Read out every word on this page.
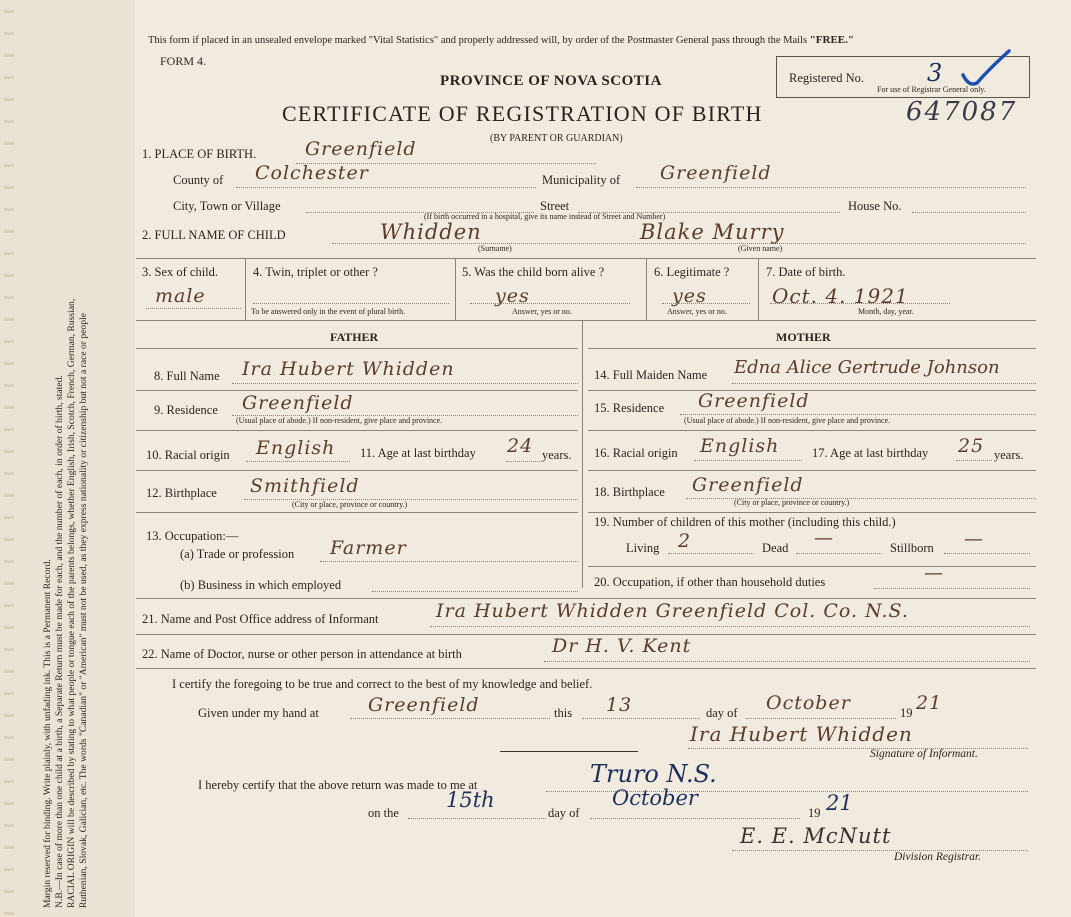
Margin reserved for binding. Write plainly, with unfading ink. This is a Permanent Record. N.B.—In case of more than one child at a birth, a Separate Return must be made for each, and the number of each, in order of birth, stated. RACIAL ORIGIN will be described by stating to what people or tongue each of the parents belongs, whether English, Irish, Scotch, French, German, Russian, Ruthenian, Slovak, Galician, etc. The words "Canadian" or "American" must not be used, as they express nationality or citizenship but not a race or people
This form if placed in an unsealed envelope marked "Vital Statistics" and properly addressed will, by order of the Postmaster General pass through the Mails "FREE."
FORM 4.
PROVINCE OF NOVA SCOTIA
CERTIFICATE OF REGISTRATION OF BIRTH
(BY PARENT OR GUARDIAN)
Registered No.	3
For use of Registrar General only.
647087
1. PLACE OF BIRTH.	Greenfield
County of Colchester	Municipality of Greenfield
City, Town or Village	Street	House No.
(If birth occurred in a hospital, give its name instead of Street and Number)
2. FULL NAME OF CHILD	Whidden	Blake Murry
(Surname)	(Given name)
3. Sex of child.
male
4. Twin, triplet or other ?
To be answered only in the event of plural birth.
5. Was the child born alive ?
yes
Answer, yes or no.
6. Legitimate ?
yes
Answer, yes or no.
7. Date of birth.
Oct. 4. 1921
Month, day, year.
FATHER	MOTHER
8. Full Name Ira Hubert Whidden
9. Residence Greenfield
(Usual place of abode.) If non-resident, give place and province.
10. Racial origin English 11. Age at last birthday 24 years.
12. Birthplace Smithfield
(City or place, province or country.)
13. Occupation:—
(a) Trade or profession Farmer
(b) Business in which employed
14. Full Maiden Name Edna Alice Gertrude Johnson
15. Residence Greenfield
(Usual place of abode.) If non-resident, give place and province.
16. Racial origin English	17. Age at last birthday 25 years.
18. Birthplace Greenfield
(City or place, province or country.)
19. Number of children of this mother (including this child.)
Living 2	Dead —	Stillborn —
20. Occupation, if other than household duties	—
21. Name and Post Office address of Informant	Ira Hubert Whidden Greenfield Col. Co. N.S.
22. Name of Doctor, nurse or other person in attendance at birth	Dr H. V. Kent
I certify the foregoing to be true and correct to the best of my knowledge and belief.
Given under my hand at	Greenfield	this 13	day of October	19 21
Ira Hubert Whidden
Signature of Informant.
I hereby certify that the above return was made to me at	Truro N.S.
on the
15th
day of
October
19 21
E. E. McNutt
Division Registrar.
